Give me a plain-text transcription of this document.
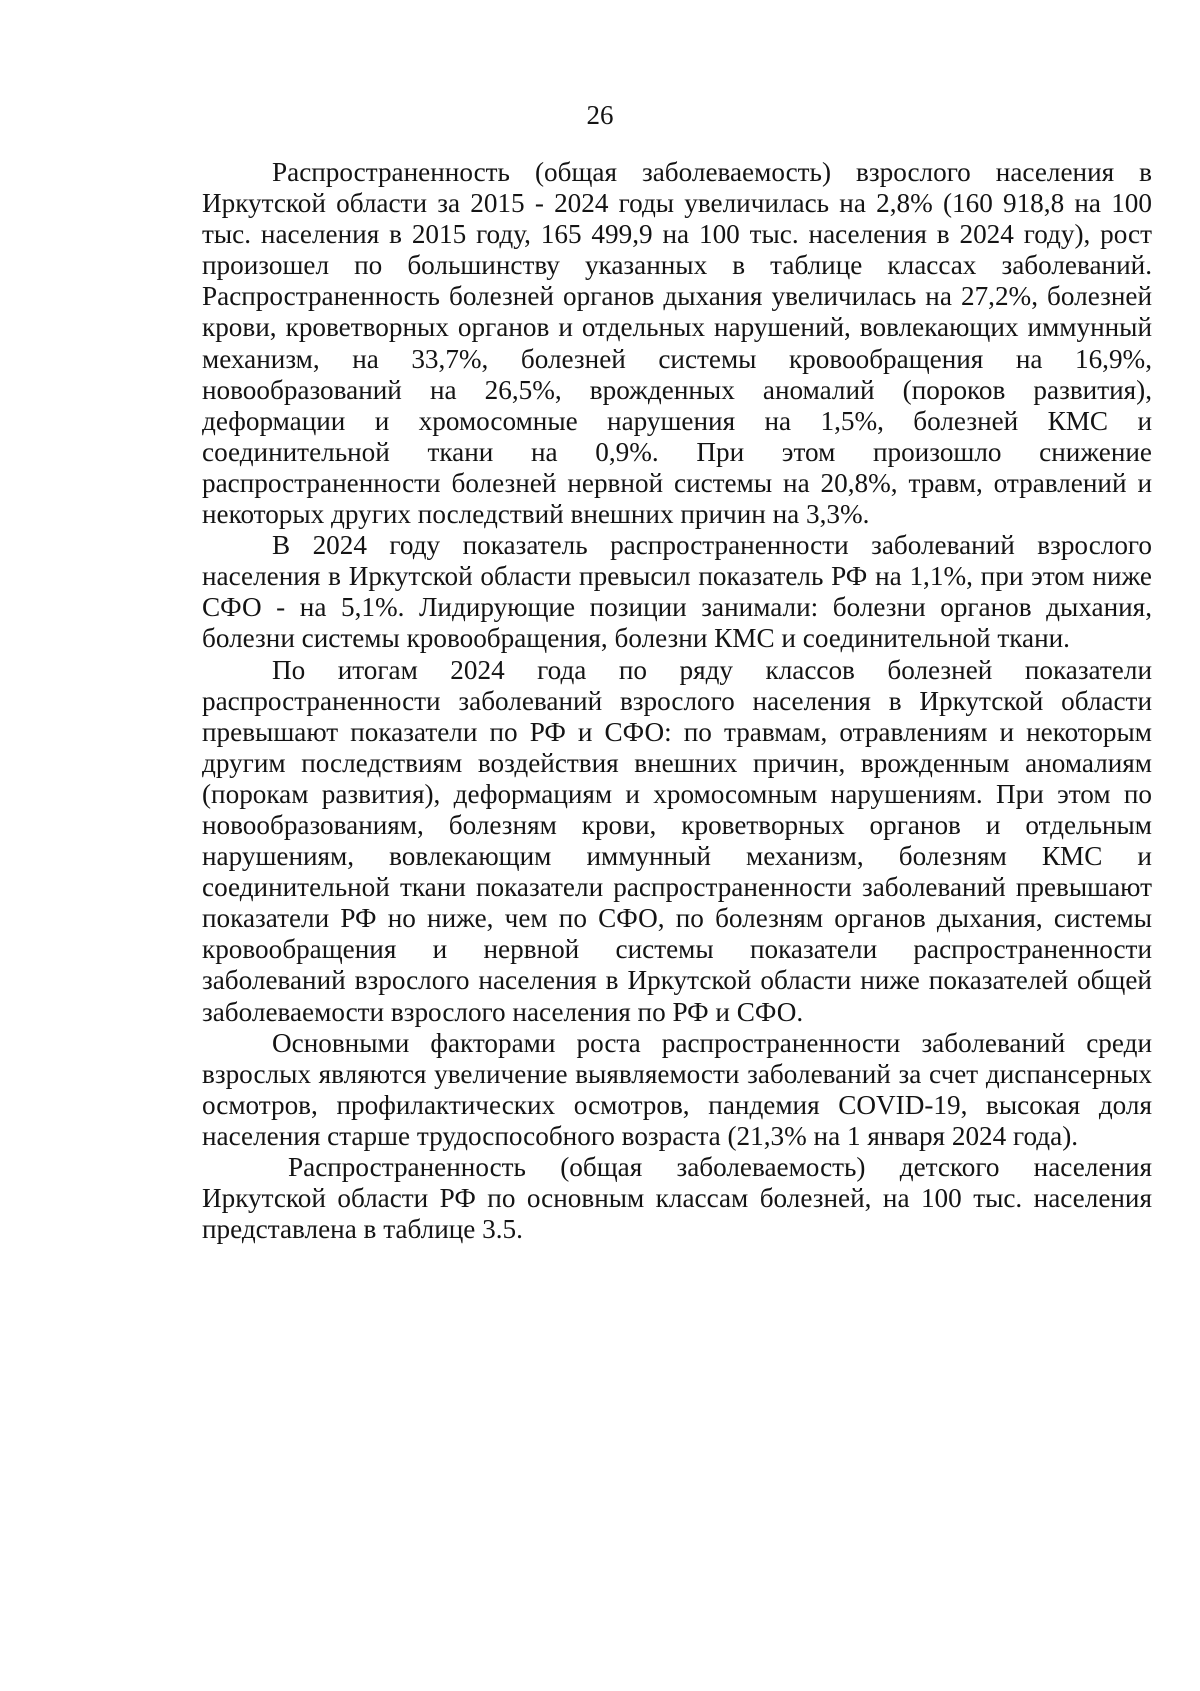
26

Распространенность (общая заболеваемость) взрослого населения в Иркутской области за 2015 - 2024 годы увеличилась на 2,8% (160 918,8 на 100 тыс. населения в 2015 году, 165 499,9 на 100 тыс. населения в 2024 году), рост произошел по большинству указанных в таблице классах заболеваний. Распространенность болезней органов дыхания увеличилась на 27,2%, болезней крови, кроветворных органов и отдельных нарушений, вовлекающих иммунный механизм, на 33,7%, болезней системы кровообращения на 16,9%, новообразований на 26,5%, врожденных аномалий (пороков развития), деформации и хромосомные нарушения на 1,5%, болезней КМС и соединительной ткани на 0,9%. При этом произошло снижение распространенности болезней нервной системы на 20,8%, травм, отравлений и некоторых других последствий внешних причин на 3,3%.

В 2024 году показатель распространенности заболеваний взрослого населения в Иркутской области превысил показатель РФ на 1,1%, при этом ниже СФО - на 5,1%. Лидирующие позиции занимали: болезни органов дыхания, болезни системы кровообращения, болезни КМС и соединительной ткани.

По итогам 2024 года по ряду классов болезней показатели распространенности заболеваний взрослого населения в Иркутской области превышают показатели по РФ и СФО: по травмам, отравлениям и некоторым другим последствиям воздействия внешних причин, врожденным аномалиям (порокам развития), деформациям и хромосомным нарушениям. При этом по новообразованиям, болезням крови, кроветворных органов и отдельным нарушениям, вовлекающим иммунный механизм, болезням КМС и соединительной ткани показатели распространенности заболеваний превышают показатели РФ но ниже, чем по СФО, по болезням органов дыхания, системы кровообращения и нервной системы показатели распространенности заболеваний взрослого населения в Иркутской области ниже показателей общей заболеваемости взрослого населения по РФ и СФО.

Основными факторами роста распространенности заболеваний среди взрослых являются увеличение выявляемости заболеваний за счет диспансерных осмотров, профилактических осмотров, пандемия COVID-19, высокая доля населения старше трудоспособного возраста (21,3% на 1 января 2024 года).

Распространенность (общая заболеваемость) детского населения Иркутской области РФ по основным классам болезней, на 100 тыс. населения представлена в таблице 3.5.
